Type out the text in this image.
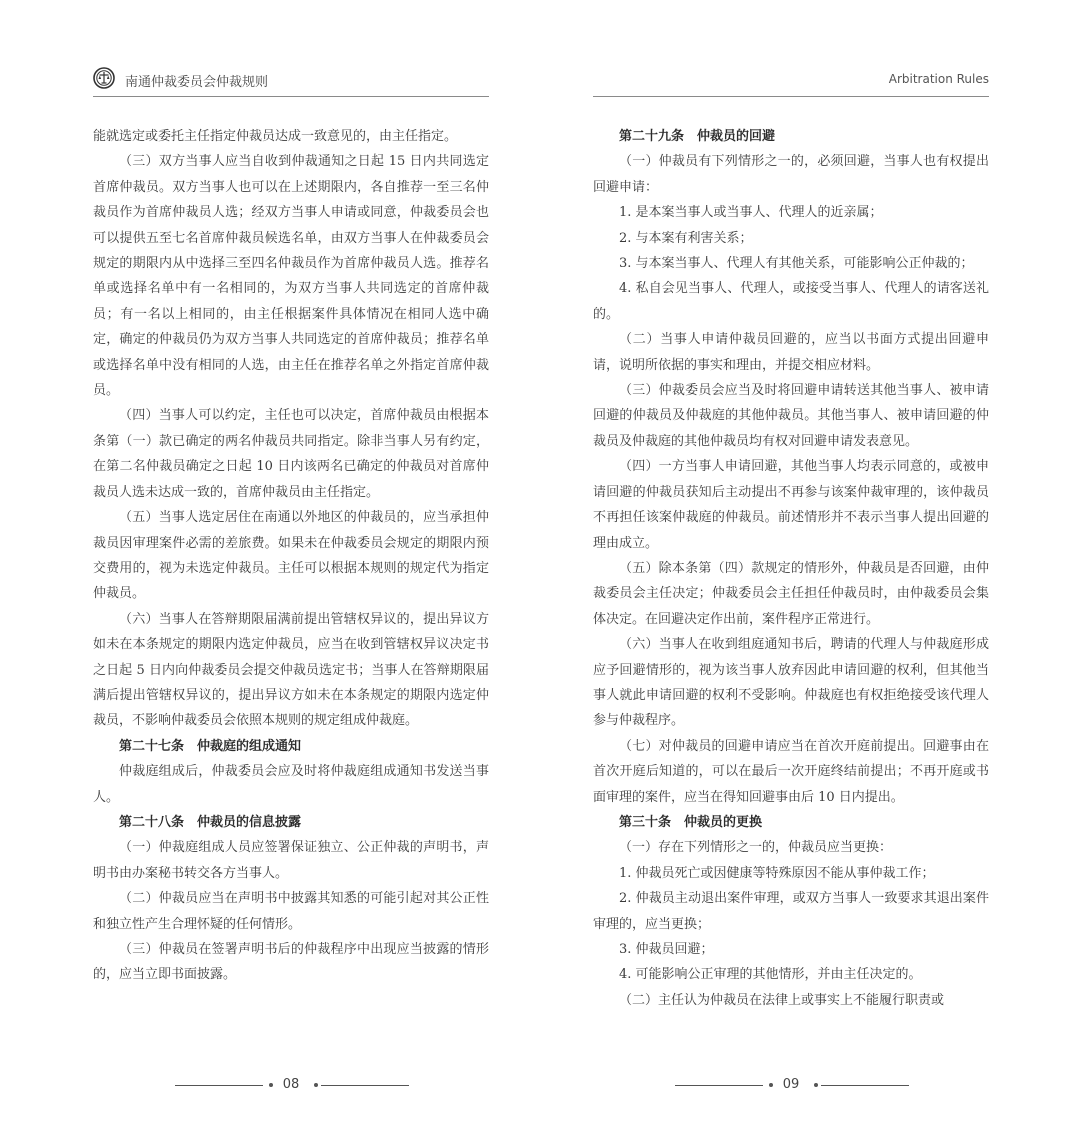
南通仲裁委员会仲裁规则

能就选定或委托主任指定仲裁员达成一致意见的，由主任指定。

（三）双方当事人应当自收到仲裁通知之日起 15 日内共同选定首席仲裁员。双方当事人也可以在上述期限内，各自推荐一至三名仲裁员作为首席仲裁员人选；经双方当事人申请或同意，仲裁委员会也可以提供五至七名首席仲裁员候选名单，由双方当事人在仲裁委员会规定的期限内从中选择三至四名仲裁员作为首席仲裁员人选。推荐名单或选择名单中有一名相同的，为双方当事人共同选定的首席仲裁员；有一名以上相同的，由主任根据案件具体情况在相同人选中确定，确定的仲裁员仍为双方当事人共同选定的首席仲裁员；推荐名单或选择名单中没有相同的人选，由主任在推荐名单之外指定首席仲裁员。

（四）当事人可以约定，主任也可以决定，首席仲裁员由根据本条第（一）款已确定的两名仲裁员共同指定。除非当事人另有约定，在第二名仲裁员确定之日起 10 日内该两名已确定的仲裁员对首席仲裁员人选未达成一致的，首席仲裁员由主任指定。

（五）当事人选定居住在南通以外地区的仲裁员的，应当承担仲裁员因审理案件必需的差旅费。如果未在仲裁委员会规定的期限内预交费用的，视为未选定仲裁员。主任可以根据本规则的规定代为指定仲裁员。

（六）当事人在答辩期限届满前提出管辖权异议的，提出异议方如未在本条规定的期限内选定仲裁员，应当在收到管辖权异议决定书之日起 5 日内向仲裁委员会提交仲裁员选定书；当事人在答辩期限届满后提出管辖权异议的，提出异议方如未在本条规定的期限内选定仲裁员，不影响仲裁委员会依照本规则的规定组成仲裁庭。

第二十七条　仲裁庭的组成通知

仲裁庭组成后，仲裁委员会应及时将仲裁庭组成通知书发送当事人。

第二十八条　仲裁员的信息披露

（一）仲裁庭组成人员应签署保证独立、公正仲裁的声明书，声明书由办案秘书转交各方当事人。

（二）仲裁员应当在声明书中披露其知悉的可能引起对其公正性和独立性产生合理怀疑的任何情形。

（三）仲裁员在签署声明书后的仲裁程序中出现应当披露的情形的，应当立即书面披露。

08
Arbitration Rules

第二十九条　仲裁员的回避

（一）仲裁员有下列情形之一的，必须回避，当事人也有权提出回避申请：

1. 是本案当事人或当事人、代理人的近亲属；

2. 与本案有利害关系；

3. 与本案当事人、代理人有其他关系，可能影响公正仲裁的；

4. 私自会见当事人、代理人，或接受当事人、代理人的请客送礼的。

（二）当事人申请仲裁员回避的，应当以书面方式提出回避申请，说明所依据的事实和理由，并提交相应材料。

（三）仲裁委员会应当及时将回避申请转送其他当事人、被申请回避的仲裁员及仲裁庭的其他仲裁员。其他当事人、被申请回避的仲裁员及仲裁庭的其他仲裁员均有权对回避申请发表意见。

（四）一方当事人申请回避，其他当事人均表示同意的，或被申请回避的仲裁员获知后主动提出不再参与该案仲裁审理的，该仲裁员不再担任该案仲裁庭的仲裁员。前述情形并不表示当事人提出回避的理由成立。

（五）除本条第（四）款规定的情形外，仲裁员是否回避，由仲裁委员会主任决定；仲裁委员会主任担任仲裁员时，由仲裁委员会集体决定。在回避决定作出前，案件程序正常进行。

（六）当事人在收到组庭通知书后，聘请的代理人与仲裁庭形成应予回避情形的，视为该当事人放弃因此申请回避的权利，但其他当事人就此申请回避的权利不受影响。仲裁庭也有权拒绝接受该代理人参与仲裁程序。

（七）对仲裁员的回避申请应当在首次开庭前提出。回避事由在首次开庭后知道的，可以在最后一次开庭终结前提出；不再开庭或书面审理的案件，应当在得知回避事由后 10 日内提出。

第三十条　仲裁员的更换

（一）存在下列情形之一的，仲裁员应当更换：

1. 仲裁员死亡或因健康等特殊原因不能从事仲裁工作；

2. 仲裁员主动退出案件审理，或双方当事人一致要求其退出案件审理的，应当更换；

3. 仲裁员回避；

4. 可能影响公正审理的其他情形，并由主任决定的。

（二）主任认为仲裁员在法律上或事实上不能履行职责或

09
